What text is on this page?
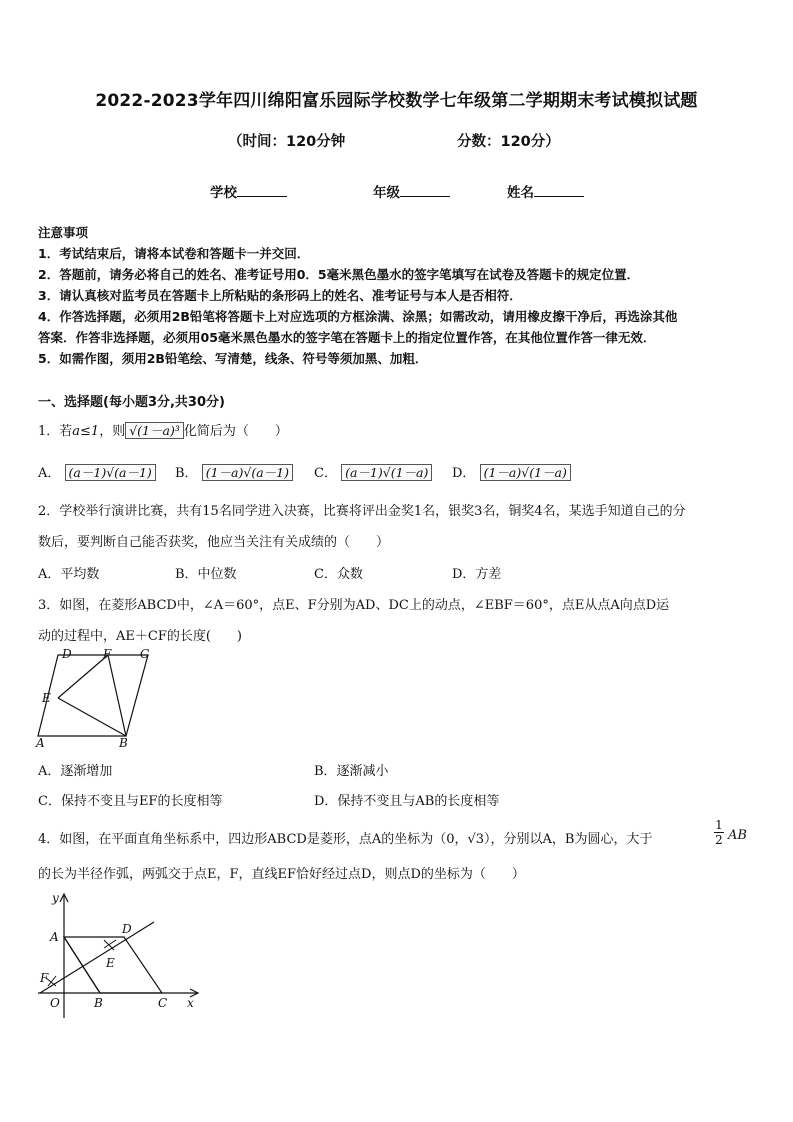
2022-2023学年四川绵阳富乐园际学校数学七年级第二学期期末考试模拟试题
（时间：120分钟	分数：120分）
学校	年级	姓名
注意事项
1．考试结束后，请将本试卷和答题卡一并交回．
2．答题前，请务必将自己的姓名、准考证号用0．5毫米黑色墨水的签字笔填写在试卷及答题卡的规定位置．
3．请认真核对监考员在答题卡上所粘贴的条形码上的姓名、准考证号与本人是否相符．
4．作答选择题，必须用2B铅笔将答题卡上对应选项的方框涂满、涂黑；如需改动，请用橡皮擦干净后，再选涂其他
答案．作答非选择题，必须用05毫米黑色墨水的签字笔在答题卡上的指定位置作答，在其他位置作答一律无效．
5．如需作图，须用2B铅笔绘、写清楚，线条、符号等须加黑、加粗．
一、选择题(每小题3分,共30分)
1．若a≤1，则 √(1－a)³ 化简后为（　　）
A． (a－1)√(a－1)	B． (1－a)√(a－1)	C． (a－1)√(1－a)	D． (1－a)√(1－a)
2．学校举行演讲比赛，共有15名同学进入决赛，比赛将评出金奖1名，银奖3名，铜奖4名，某选手知道自己的分
数后，要判断自己能否获奖，他应当关注有关成绩的（　　）
A．平均数	B．中位数	C．众数	D．方差
3．如图，在菱形ABCD中，∠A＝60°，点E、F分别为AD、DC上的动点，∠EBF＝60°，点E从点A向点D运
动的过程中，AE＋CF的长度(　　)
D	F C
E
A	B
A．逐渐增加	B．逐渐减小
C．保持不变且与EF的长度相等	D．保持不变且与AB的长度相等
4．如图，在平面直角坐标系中，四边形ABCD是菱形，点A的坐标为（0，√3），分别以A，B为圆心，大于	$\frac{1}{2}$ AB
的长为半径作弧，两弧交于点E，F，直线EF恰好经过点D，则点D的坐标为（　　）
y
x
O
A
B	C
D
E
F
